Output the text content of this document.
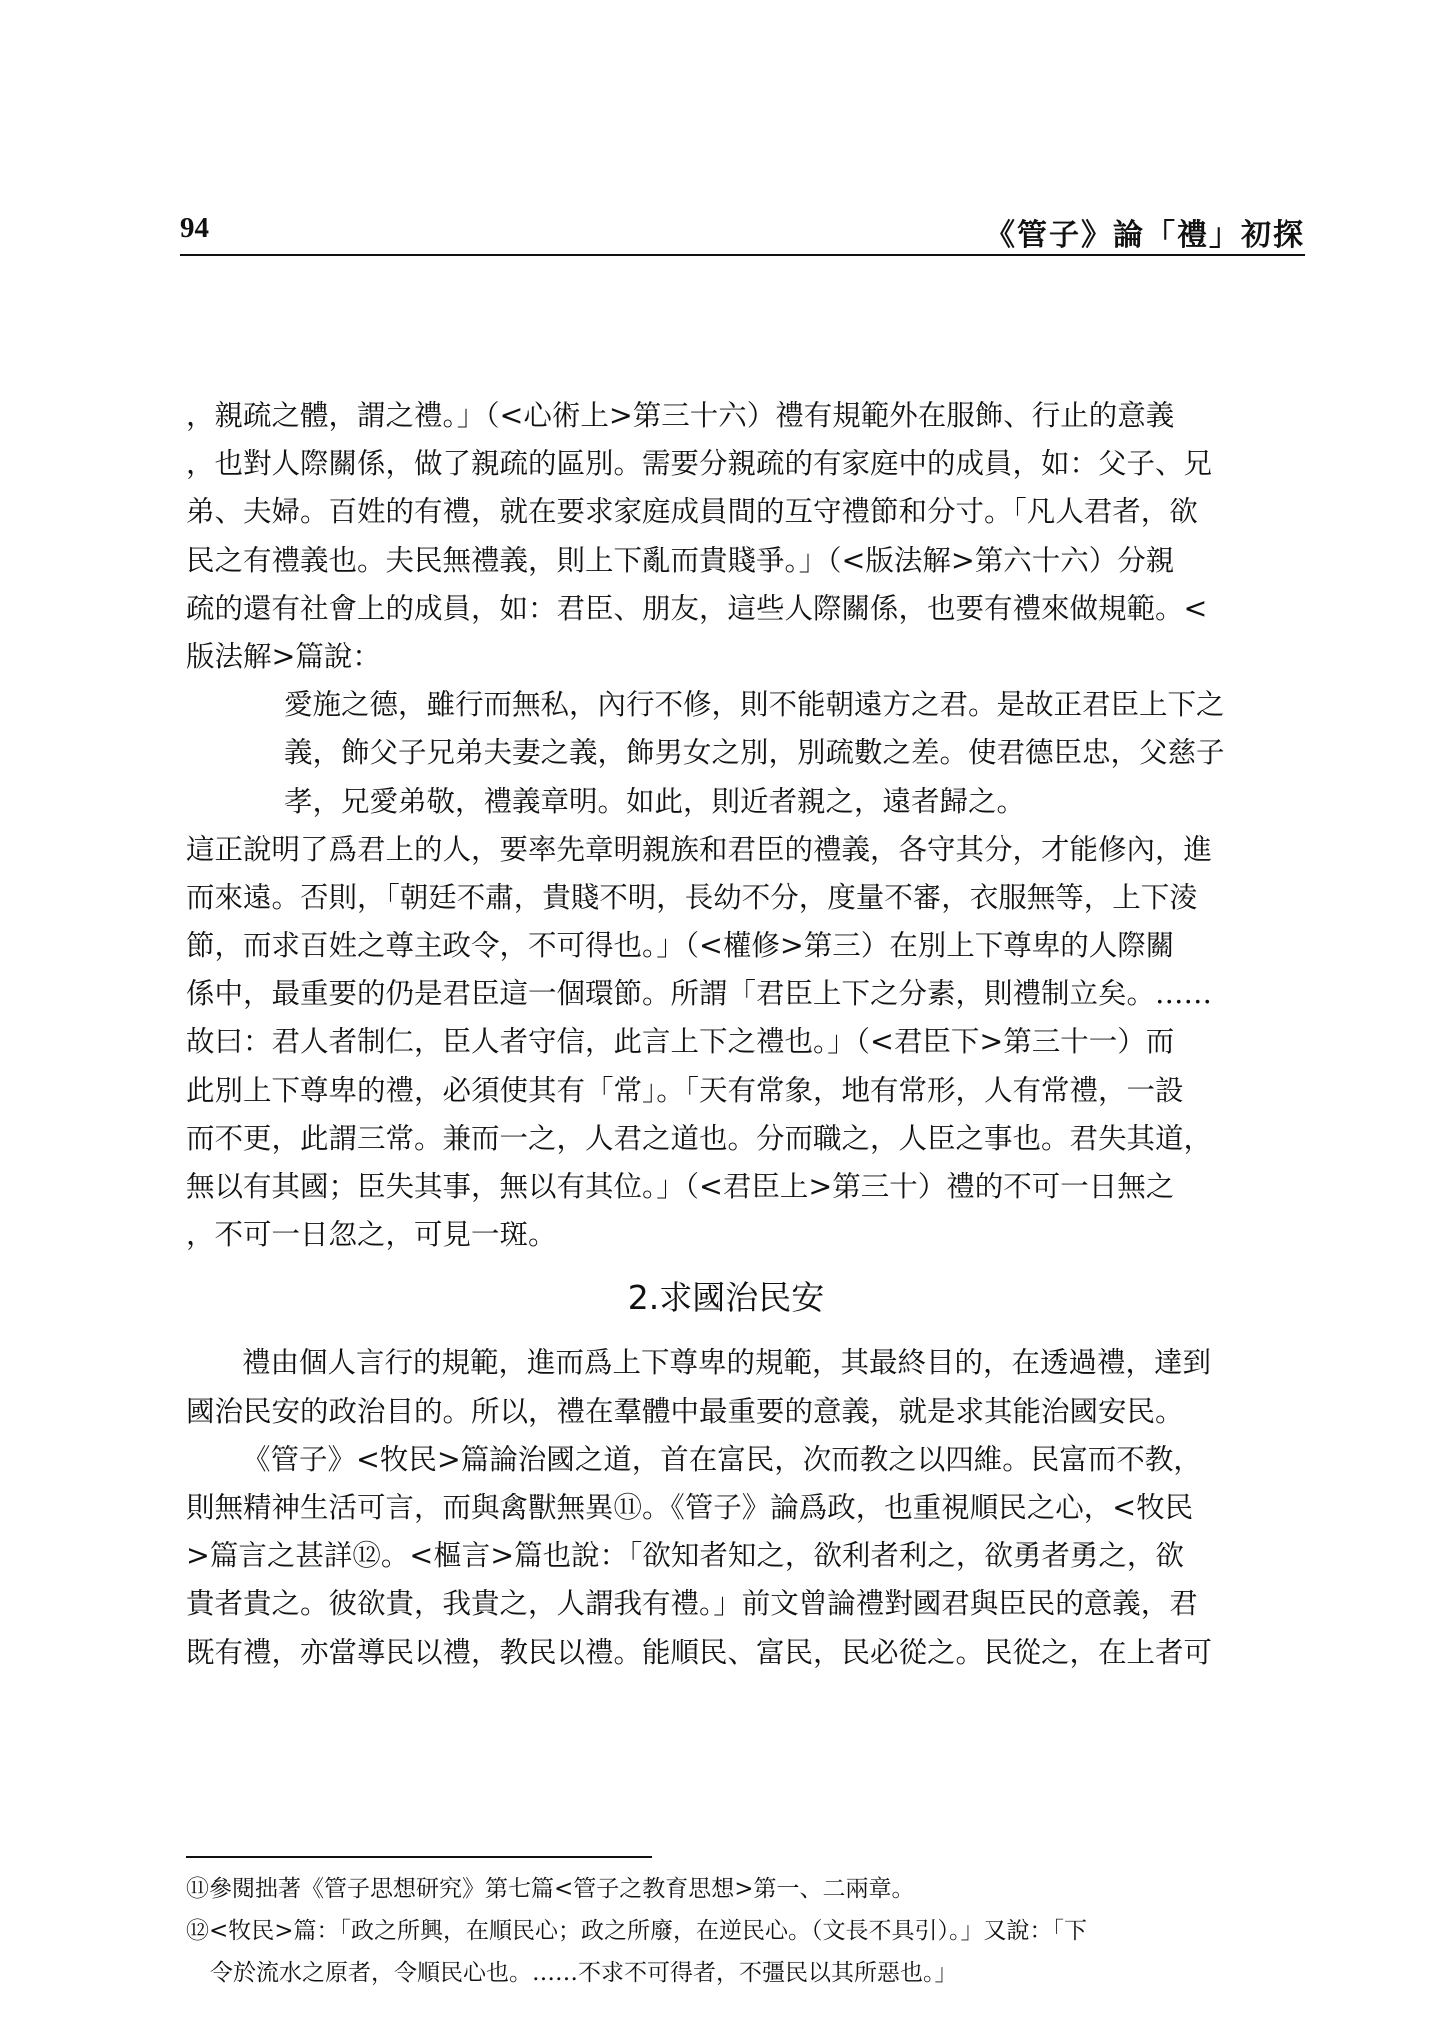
94	《管子》論「禮」初探
，親疏之體，謂之禮。」（<心術上>第三十六）禮有規範外在服飾、行止的意義
，也對人際關係，做了親疏的區別。需要分親疏的有家庭中的成員，如：父子、兄
弟、夫婦。百姓的有禮，就在要求家庭成員間的互守禮節和分寸。「凡人君者，欲
民之有禮義也。夫民無禮義，則上下亂而貴賤爭。」（<版法解>第六十六）分親
疏的還有社會上的成員，如：君臣、朋友，這些人際關係，也要有禮來做規範。<
版法解>篇說：
愛施之德，雖行而無私，內行不修，則不能朝遠方之君。是故正君臣上下之
義，飾父子兄弟夫妻之義，飾男女之別，別疏數之差。使君德臣忠，父慈子
孝，兄愛弟敬，禮義章明。如此，則近者親之，遠者歸之。
這正說明了爲君上的人，要率先章明親族和君臣的禮義，各守其分，才能修內，進
而來遠。否則，「朝廷不肅，貴賤不明，長幼不分，度量不審，衣服無等，上下淩
節，而求百姓之尊主政令，不可得也。」（<權修>第三）在別上下尊卑的人際關
係中，最重要的仍是君臣這一個環節。所謂「君臣上下之分素，則禮制立矣。……
故曰：君人者制仁，臣人者守信，此言上下之禮也。」（<君臣下>第三十一）而
此別上下尊卑的禮，必須使其有「常」。「天有常象，地有常形，人有常禮，一設
而不更，此謂三常。兼而一之，人君之道也。分而職之，人臣之事也。君失其道，
無以有其國；臣失其事，無以有其位。」（<君臣上>第三十）禮的不可一日無之
，不可一日忽之，可見一斑。
2.求國治民安
禮由個人言行的規範，進而爲上下尊卑的規範，其最終目的，在透過禮，達到
國治民安的政治目的。所以，禮在羣體中最重要的意義，就是求其能治國安民。
《管子》<牧民>篇論治國之道，首在富民，次而教之以四維。民富而不教，
則無精神生活可言，而與禽獸無異⑪。《管子》論爲政，也重視順民之心，<牧民
>篇言之甚詳⑫。<樞言>篇也說：「欲知者知之，欲利者利之，欲勇者勇之，欲
貴者貴之。彼欲貴，我貴之，人謂我有禮。」前文曾論禮對國君與臣民的意義，君
既有禮，亦當導民以禮，教民以禮。能順民、富民，民必從之。民從之，在上者可
⑪參閱拙著《管子思想研究》第七篇<管子之教育思想>第一、二兩章。
⑫<牧民>篇：「政之所興，在順民心；政之所廢，在逆民心。（文長不具引）。」又說：「下
令於流水之原者，令順民心也。……不求不可得者，不彊民以其所惡也。」
